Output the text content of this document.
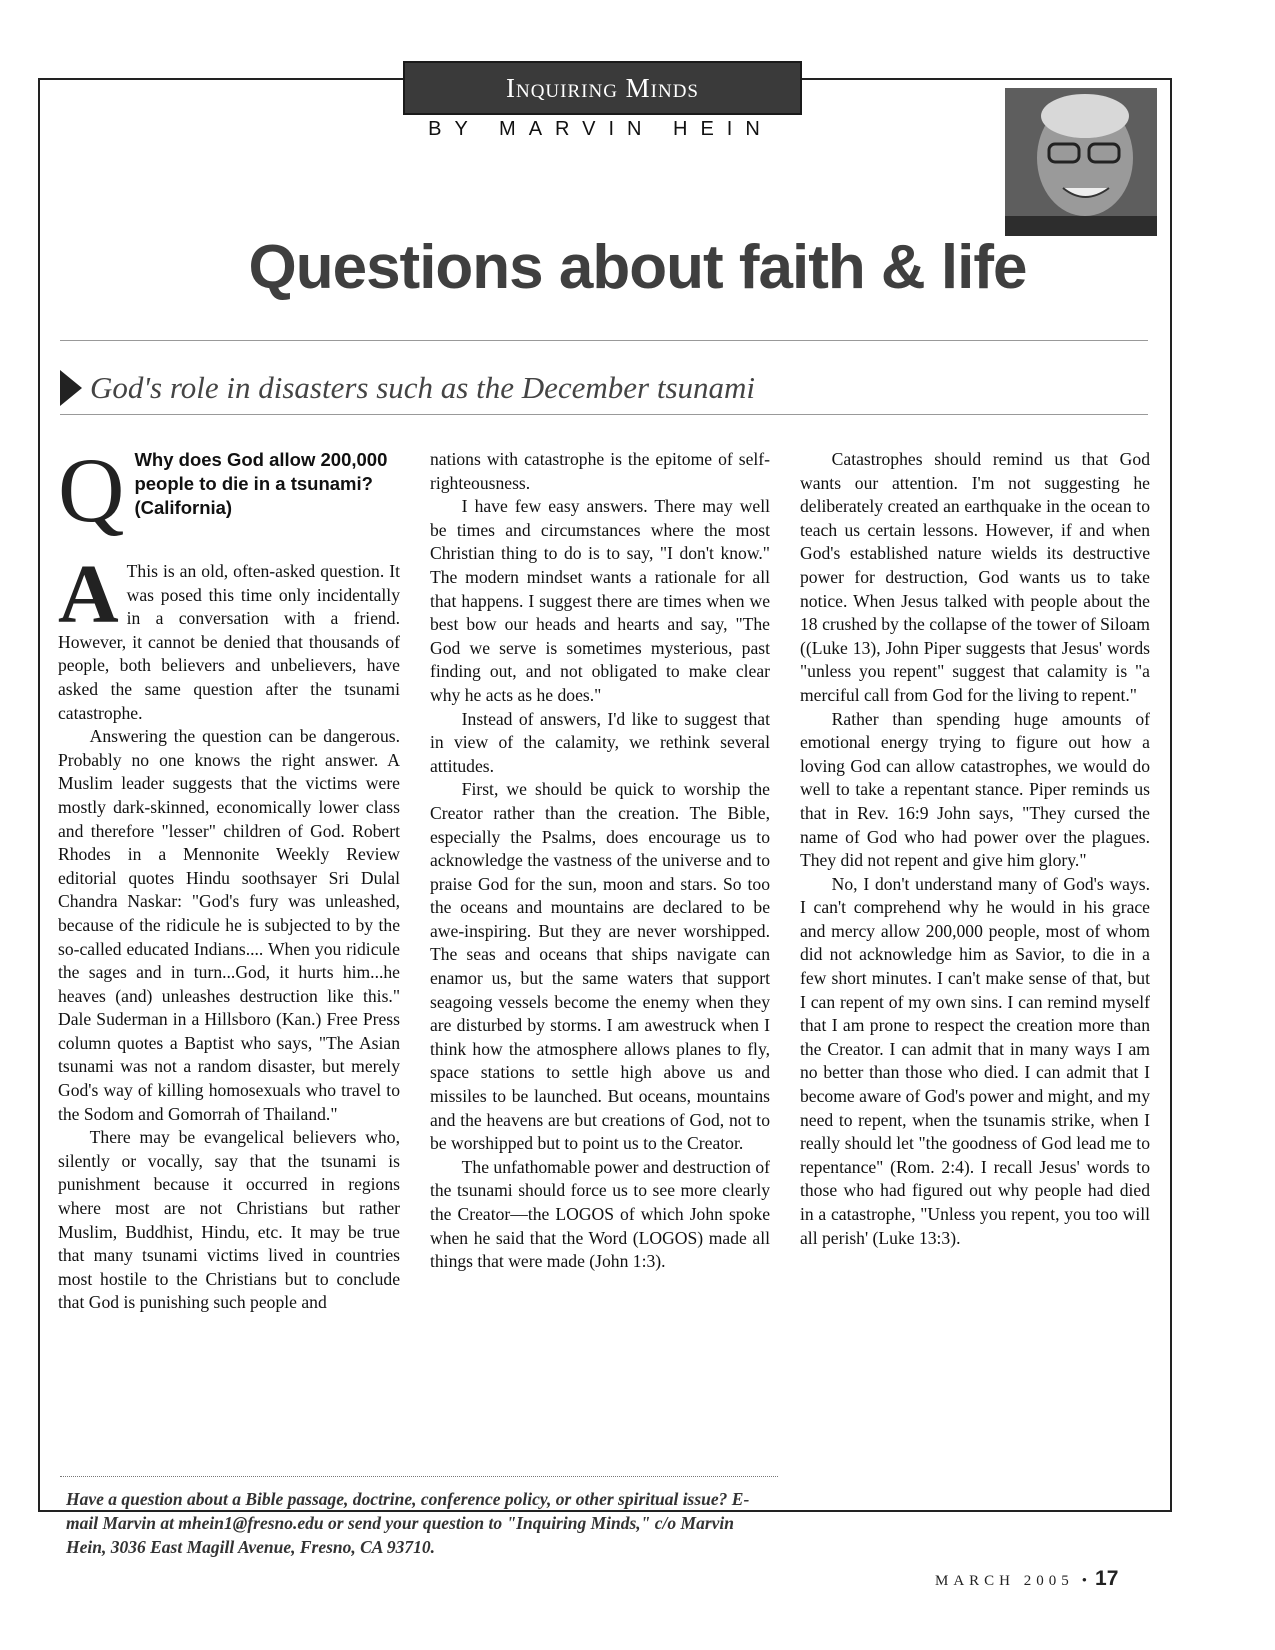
Inquiring Minds
BY MARVIN HEIN
Questions about faith & life
God's role in disasters such as the December tsunami
Q Why does God allow 200,000 people to die in a tsunami? (California)
A This is an old, often-asked question. It was posed this time only incidentally in a conversation with a friend. However, it cannot be denied that thousands of people, both believers and unbelievers, have asked the same question after the tsunami catastrophe.

Answering the question can be dangerous. Probably no one knows the right answer. A Muslim leader suggests that the victims were mostly dark-skinned, economically lower class and therefore "lesser" children of God. Robert Rhodes in a Mennonite Weekly Review editorial quotes Hindu soothsayer Sri Dulal Chandra Naskar: "God's fury was unleashed, because of the ridicule he is subjected to by the so-called educated Indians.... When you ridicule the sages and in turn...God, it hurts him...he heaves (and) unleashes destruction like this." Dale Suderman in a Hillsboro (Kan.) Free Press column quotes a Baptist who says, "The Asian tsunami was not a random disaster, but merely God's way of killing homosexuals who travel to the Sodom and Gomorrah of Thailand."

There may be evangelical believers who, silently or vocally, say that the tsunami is punishment because it occurred in regions where most are not Christians but rather Muslim, Buddhist, Hindu, etc. It may be true that many tsunami victims lived in countries most hostile to the Christians but to conclude that God is punishing such people and

nations with catastrophe is the epitome of self-righteousness.

I have few easy answers. There may well be times and circumstances where the most Christian thing to do is to say, "I don't know." The modern mindset wants a rationale for all that happens. I suggest there are times when we best bow our heads and hearts and say, "The God we serve is sometimes mysterious, past finding out, and not obligated to make clear why he acts as he does."

Instead of answers, I'd like to suggest that in view of the calamity, we rethink several attitudes.

First, we should be quick to worship the Creator rather than the creation. The Bible, especially the Psalms, does encourage us to acknowledge the vastness of the universe and to praise God for the sun, moon and stars. So too the oceans and mountains are declared to be awe-inspiring. But they are never worshipped. The seas and oceans that ships navigate can enamor us, but the same waters that support seagoing vessels become the enemy when they are disturbed by storms. I am awestruck when I think how the atmosphere allows planes to fly, space stations to settle high above us and missiles to be launched. But oceans, mountains and the heavens are but creations of God, not to be worshipped but to point us to the Creator.

The unfathomable power and destruction of the tsunami should force us to see more clearly the Creator—the LOGOS of which John spoke when he said that the Word (LOGOS) made all things that were made (John 1:3).

Catastrophes should remind us that God wants our attention. I'm not suggesting he deliberately created an earthquake in the ocean to teach us certain lessons. However, if and when God's established nature wields its destructive power for destruction, God wants us to take notice. When Jesus talked with people about the 18 crushed by the collapse of the tower of Siloam ((Luke 13), John Piper suggests that Jesus' words "unless you repent" suggest that calamity is "a merciful call from God for the living to repent."

Rather than spending huge amounts of emotional energy trying to figure out how a loving God can allow catastrophes, we would do well to take a repentant stance. Piper reminds us that in Rev. 16:9 John says, "They cursed the name of God who had power over the plagues. They did not repent and give him glory."

No, I don't understand many of God's ways. I can't comprehend why he would in his grace and mercy allow 200,000 people, most of whom did not acknowledge him as Savior, to die in a few short minutes. I can't make sense of that, but I can repent of my own sins. I can remind myself that I am prone to respect the creation more than the Creator. I can admit that in many ways I am no better than those who died. I can admit that I become aware of God's power and might, and my need to repent, when the tsunamis strike, when I really should let "the goodness of God lead me to repentance" (Rom. 2:4). I recall Jesus' words to those who had figured out why people had died in a catastrophe, "Unless you repent, you too will all perish' (Luke 13:3).

Have a question about a Bible passage, doctrine, conference policy, or other spiritual issue? E-mail Marvin at mhein1@fresno.edu or send your question to "Inquiring Minds," c/o Marvin Hein, 3036 East Magill Avenue, Fresno, CA 93710.
MARCH 2005 • 17
